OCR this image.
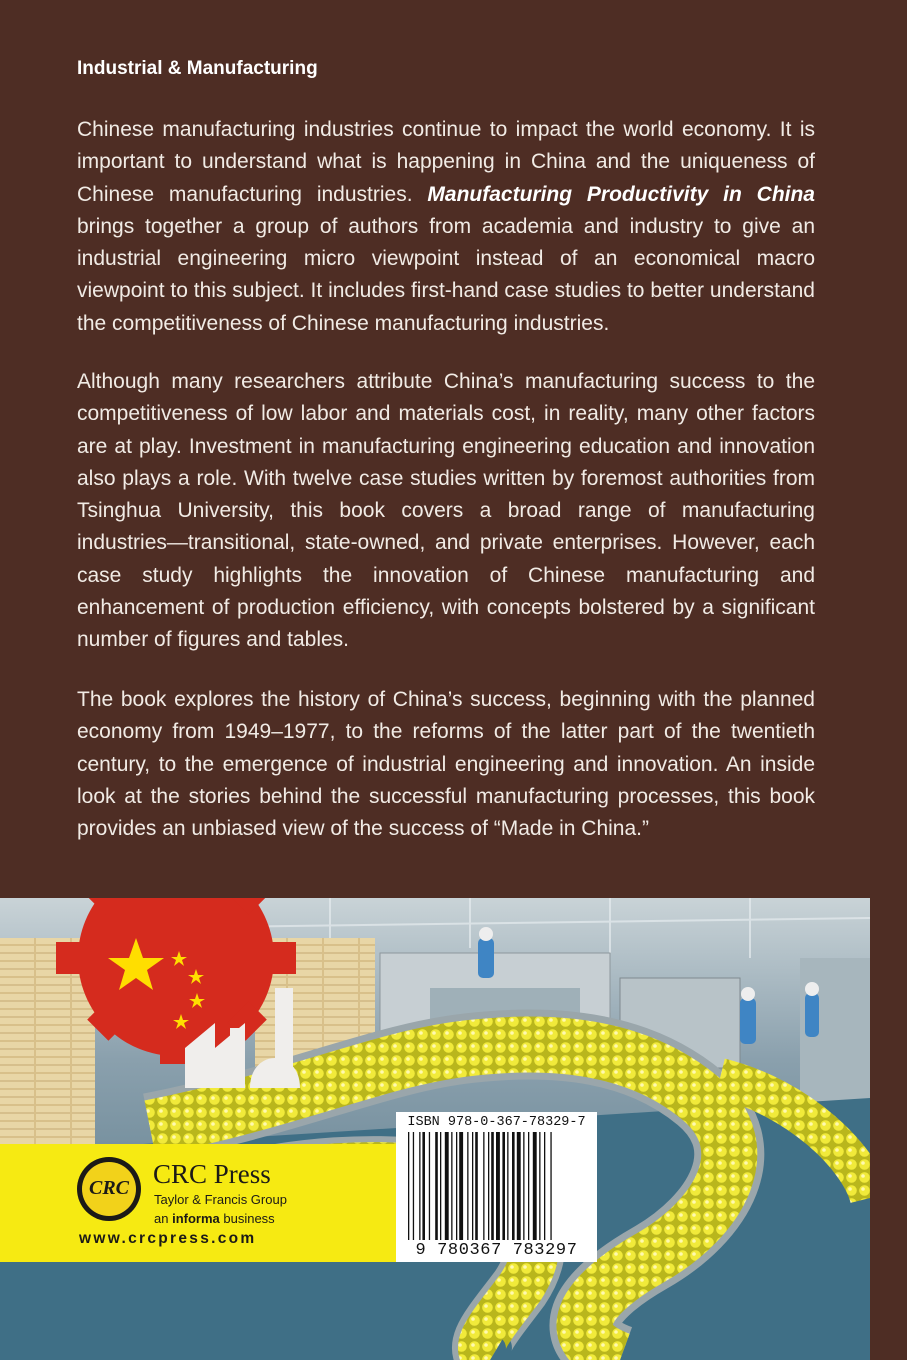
Industrial & Manufacturing

Chinese manufacturing industries continue to impact the world economy. It is important to understand what is happening in China and the uniqueness of Chinese manufacturing industries. Manufacturing Productivity in China brings together a group of authors from academia and industry to give an industrial engineering micro viewpoint instead of an economical macro viewpoint to this subject. It includes first-hand case studies to better understand the competitiveness of Chinese manufacturing industries.

Although many researchers attribute China’s manufacturing success to the competitiveness of low labor and materials cost, in reality, many other factors are at play. Investment in manufacturing engineering education and innovation also plays a role. With twelve case studies written by foremost authorities from Tsinghua University, this book covers a broad range of manufacturing industries—transitional, state-owned, and private enterprises. However, each case study highlights the innovation of Chinese manufacturing and enhancement of production efficiency, with concepts bolstered by a significant number of figures and tables.

The book explores the history of China’s success, beginning with the planned economy from 1949–1977, to the reforms of the latter part of the twentieth century, to the emergence of industrial engineering and innovation. An inside look at the stories behind the successful manufacturing processes, this book provides an unbiased view of the success of “Made in China.”

CRC CRC Press
Taylor & Francis Group
an informa business
www.crcpress.com
ISBN 978-0-367-78329-7
9 780367 783297
